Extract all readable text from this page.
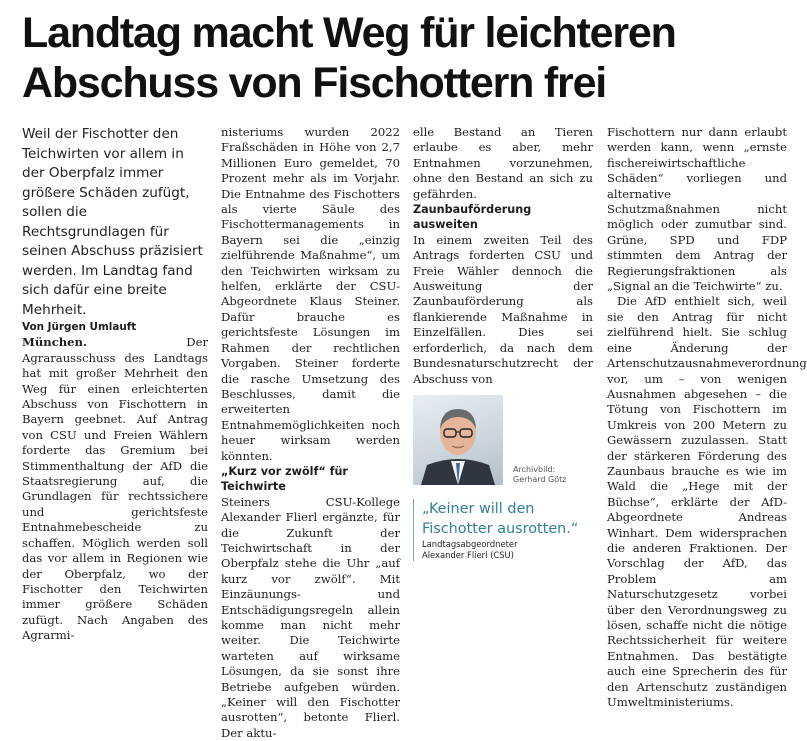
Landtag macht Weg für leichteren
Abschuss von Fischottern frei

Weil der Fischotter den Teichwirten vor allem in der Oberpfalz immer größere Schäden zufügt, sollen die Rechtsgrundlagen für seinen Abschuss präzisiert werden. Im Landtag fand sich dafür eine breite Mehrheit.

Von Jürgen Umlauft

München. Der Agrarausschuss des Landtags hat mit großer Mehrheit den Weg für einen erleichterten Abschuss von Fischottern in Bayern geebnet. Auf Antrag von CSU und Freien Wählern forderte das Gremium bei Stimmenthaltung der AfD die Staatsregierung auf, die Grundlagen für rechtssichere und gerichtsfeste Entnahmebescheide zu schaffen. Möglich werden soll das vor allem in Regionen wie der Oberpfalz, wo der Fischotter den Teichwirten immer größere Schäden zufügt. Nach Angaben des Agrarmi-

nisteriums wurden 2022 Fraßschäden in Höhe von 2,7 Millionen Euro gemeldet, 70 Prozent mehr als im Vorjahr. Die Entnahme des Fischotters als vierte Säule des Fischottermanagements in Bayern sei die „einzig zielführende Maßnahme“, um den Teichwirten wirksam zu helfen, erklärte der CSU-Abgeordnete Klaus Steiner. Dafür brauche es gerichtsfeste Lösungen im Rahmen der rechtlichen Vorgaben. Steiner forderte die rasche Umsetzung des Beschlusses, damit die erweiterten Entnahmemöglichkeiten noch heuer wirksam werden könnten.

„Kurz vor zwölf“ für Teichwirte

Steiners CSU-Kollege Alexander Flierl ergänzte, für die Zukunft der Teichwirtschaft in der Oberpfalz stehe die Uhr „auf kurz vor zwölf“. Mit Einzäunungs- und Entschädigungsregeln allein komme man nicht mehr weiter. Die Teichwirte warteten auf wirksame Lösungen, da sie sonst ihre Betriebe aufgeben würden. „Keiner will den Fischotter ausrotten“, betonte Flierl. Der aktu-

elle Bestand an Tieren erlaube es aber, mehr Entnahmen vorzunehmen, ohne den Bestand an sich zu gefährden.

Zaunbauförderung ausweiten

In einem zweiten Teil des Antrags forderten CSU und Freie Wähler dennoch die Ausweitung der Zaunbauförderung als flankierende Maßnahme in Einzelfällen. Dies sei erforderlich, da nach dem Bundesnaturschutzrecht der Abschuss von

Archivbild:
Gerhard Götz

„Keiner will den Fischotter ausrotten.“

Landtagsabgeordneter
Alexander Flierl (CSU)

Fischottern nur dann erlaubt werden kann, wenn „ernste fischereiwirtschaftliche Schäden“ vorliegen und alternative Schutzmaßnahmen nicht möglich oder zumutbar sind. Grüne, SPD und FDP stimmten dem Antrag der Regierungsfraktionen als „Signal an die Teichwirte“ zu.

Die AfD enthielt sich, weil sie den Antrag für nicht zielführend hielt. Sie schlug eine Änderung der Artenschutzausnahmeverordnung vor, um – von wenigen Ausnahmen abgesehen – die Tötung von Fischottern im Umkreis von 200 Metern zu Gewässern zuzulassen. Statt der stärkeren Förderung des Zaunbaus brauche es wie im Wald die „Hege mit der Büchse“, erklärte der AfD-Abgeordnete Andreas Winhart. Dem widersprachen die anderen Fraktionen. Der Vorschlag der AfD, das Problem am Naturschutzgesetz vorbei über den Verordnungsweg zu lösen, schaffe nicht die nötige Rechtssicherheit für weitere Entnahmen. Das bestätigte auch eine Sprecherin des für den Artenschutz zuständigen Umweltministeriums.
